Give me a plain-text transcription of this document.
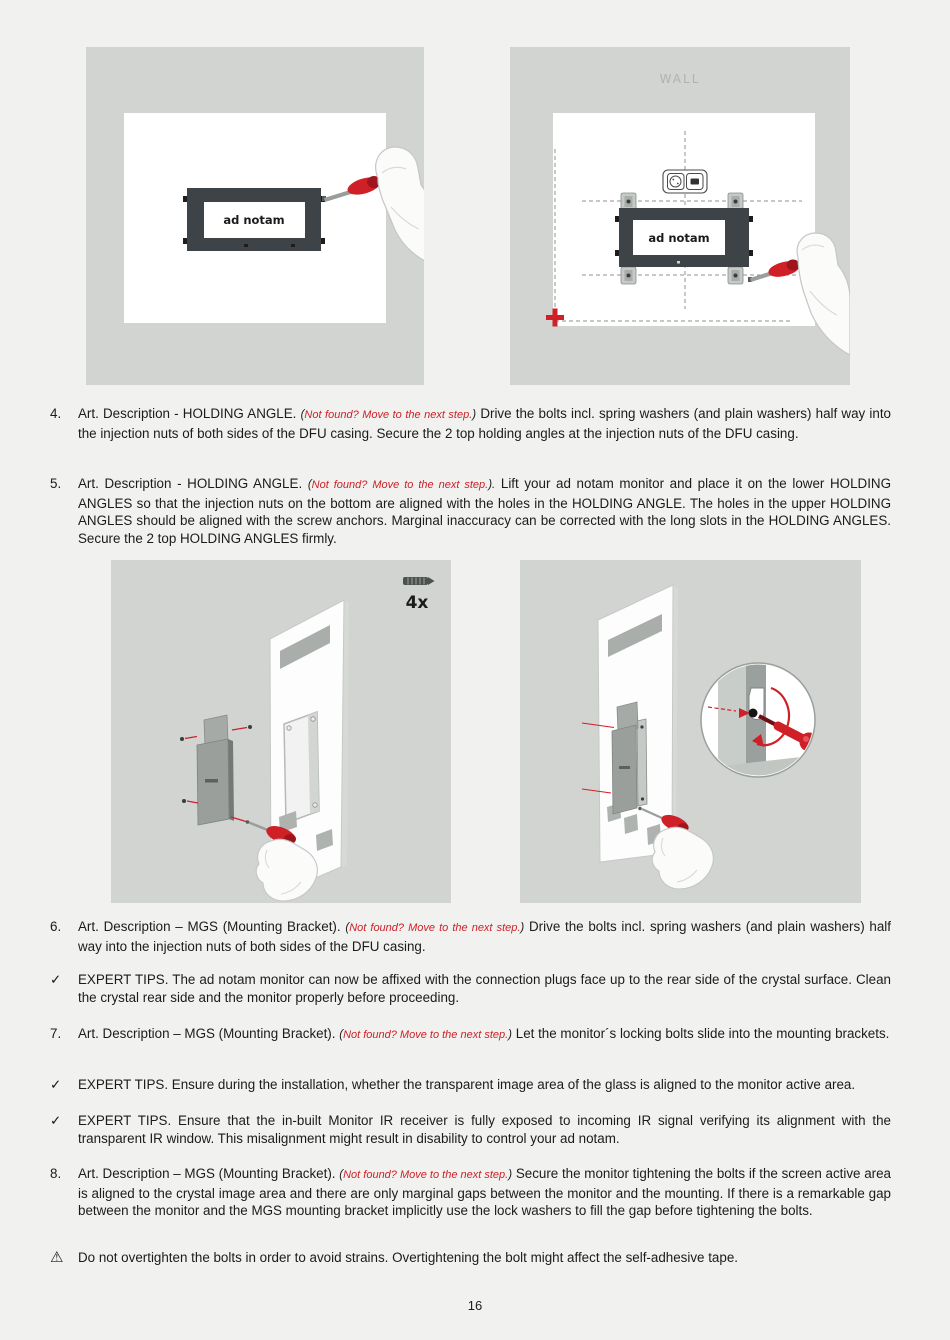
ad notam
WALL
ad notam
4x
4.	Art. Description - HOLDING ANGLE. (Not found? Move to the next step.) Drive the bolts incl. spring washers (and plain washers) half way into the injection nuts of both sides of the DFU casing. Secure the 2 top holding angles at the injection nuts of the DFU casing.
5.	Art. Description - HOLDING ANGLE. (Not found? Move to the next step.). Lift your ad notam monitor and place it on the lower HOLDING ANGLES so that the injection nuts on the bottom are aligned with the holes in the HOLDING ANGLE. The holes in the upper HOLDING ANGLES should be aligned with the screw anchors. Marginal inaccuracy can be corrected with the long slots in the HOLDING ANGLES. Secure the 2 top HOLDING ANGLES firmly.
6.	Art. Description – MGS (Mounting Bracket). (Not found? Move to the next step.) Drive the bolts incl. spring washers (and plain washers) half way into the injection nuts of both sides of the DFU casing.
✓	EXPERT TIPS. The ad notam monitor can now be affixed with the connection plugs face up to the rear side of the crystal surface. Clean the crystal rear side and the monitor properly before proceeding.
7.	Art. Description – MGS (Mounting Bracket). (Not found? Move to the next step.) Let the monitor´s locking bolts slide into the mounting brackets.
✓	EXPERT TIPS. Ensure during the installation, whether the transparent image area of the glass is aligned to the monitor active area.
✓	EXPERT TIPS. Ensure that the in-built Monitor IR receiver is fully exposed to incoming IR signal verifying its alignment with the transparent IR window. This misalignment might result in disability to control your ad notam.
8.	Art. Description – MGS (Mounting Bracket). (Not found? Move to the next step.) Secure the monitor tightening the bolts if the screen active area is aligned to the crystal image area and there are only marginal gaps between the monitor and the mounting. If there is a remarkable gap between the monitor and the MGS mounting bracket implicitly use the lock washers to fill the gap before tightening the bolts.
⚠	Do not overtighten the bolts in order to avoid strains. Overtightening the bolt might affect the self-adhesive tape.
16
